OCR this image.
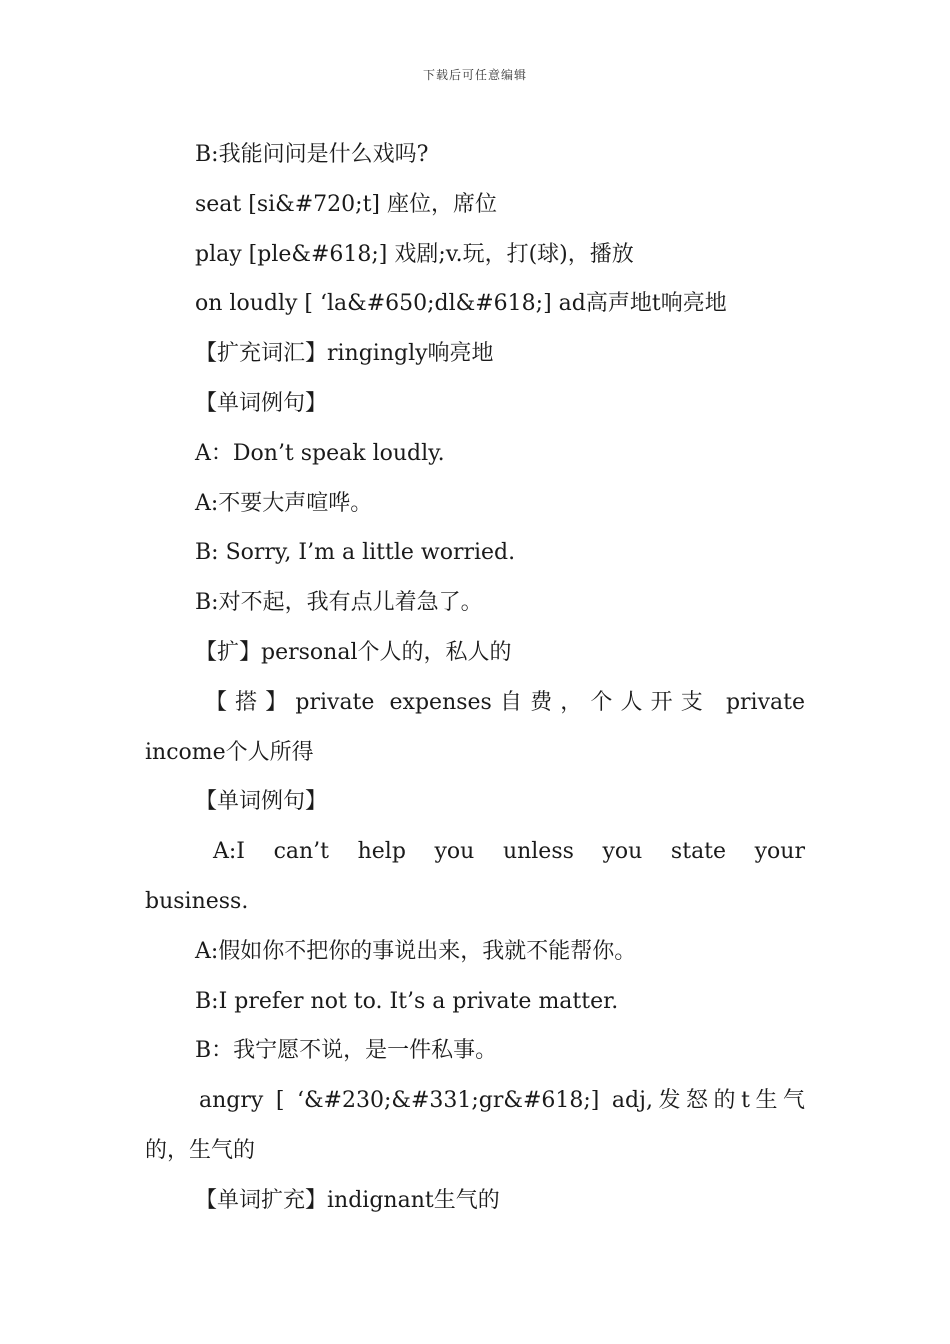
下载后可任意编辑
B:我能问问是什么戏吗?
seat [si&#720;t] 座位，席位
play [ple&#618;] 戏剧;v.玩，打(球)，播放
on loudly [ ‘la&#650;dl&#618;] ad高声地t响亮地
【扩充词汇】ringingly响亮地
【单词例句】
A：Don’t speak loudly.
A:不要大声喧哗。
B: Sorry, I’m a little worried.
B:对不起，我有点儿着急了。
【扩】personal个人的，私人的
【搭】private expenses自费，个人开支 private
income个人所得
【单词例句】
A:I can’t help you unless you state your
business.
A:假如你不把你的事说出来，我就不能帮你。
B:I prefer not to. It’s a private matter.
B：我宁愿不说，是一件私事。
angry [ ‘&#230;&#331;gr&#618;] adj,发怒的t生气
的，生气的
【单词扩充】indignant生气的
